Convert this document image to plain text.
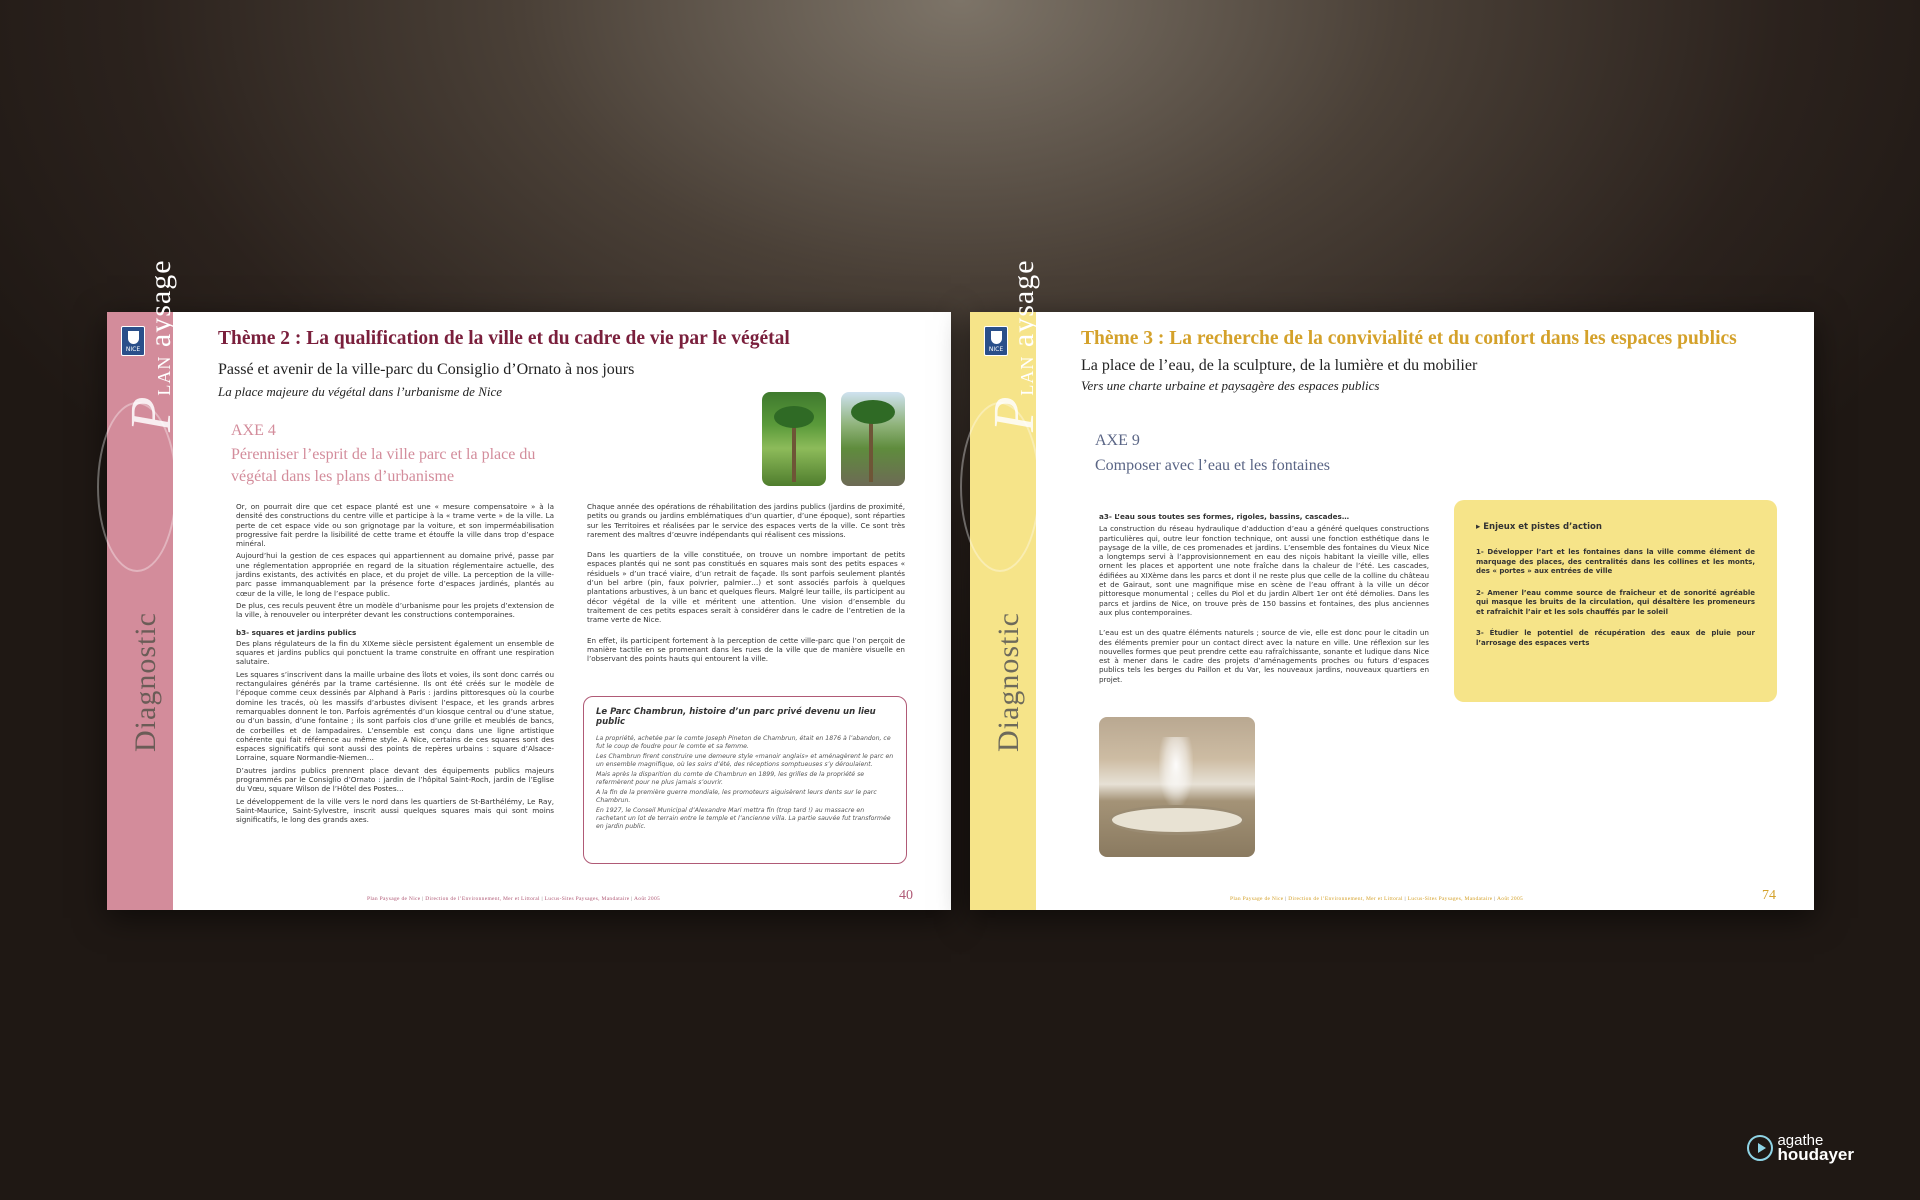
NICE
PLAN aysage
Diagnostic
Thème 2 : La qualification de la ville et du cadre de vie par le végétal
Passé et avenir de la ville-parc du Consiglio d’Ornato à nos jours
La place majeure du végétal dans l’urbanisme de Nice
AXE 4
Pérenniser l’esprit de la ville parc et la place du végétal dans les plans d’urbanisme

Or, on pourrait dire que cet espace planté est une « mesure compensatoire » à la densité des constructions du centre ville et participe à la « trame verte » de la ville. La perte de cet espace vide ou son grignotage par la voiture, et son imperméabilisation progressive fait perdre la lisibilité de cette trame et étouffe la ville dans trop d’espace minéral.

Aujourd’hui la gestion de ces espaces qui appartiennent au domaine privé, passe par une réglementation appropriée en regard de la situation réglementaire actuelle, des jardins existants, des activités en place, et du projet de ville. La perception de la ville-parc passe immanquablement par la présence forte d’espaces jardinés, plantés au cœur de la ville, le long de l’espace public.

De plus, ces reculs peuvent être un modèle d’urbanisme pour les projets d’extension de la ville, à renouveler ou interpréter devant les constructions contemporaines.

b3- squares et jardins publics

Des plans régulateurs de la fin du XIXeme siècle persistent également un ensemble de squares et jardins publics qui ponctuent la trame construite en offrant une respiration salutaire.

Les squares s’inscrivent dans la maille urbaine des îlots et voies, ils sont donc carrés ou rectangulaires générés par la trame cartésienne. Ils ont été créés sur le modèle de l’époque comme ceux dessinés par Alphand à Paris : jardins pittoresques où la courbe domine les tracés, où les massifs d’arbustes divisent l’espace, et les grands arbres remarquables donnent le ton. Parfois agrémentés d’un kiosque central ou d’une statue, ou d’un bassin, d’une fontaine ; ils sont parfois clos d’une grille et meublés de bancs, de corbeilles et de lampadaires. L’ensemble est conçu dans une ligne artistique cohérente qui fait référence au même style. A Nice, certains de ces squares sont des espaces significatifs qui sont aussi des points de repères urbains : square d’Alsace-Lorraine, square Normandie-Niemen…

D’autres jardins publics prennent place devant des équipements publics majeurs programmés par le Consiglio d’Ornato : jardin de l’hôpital Saint-Roch, jardin de l’Eglise du Vœu, square Wilson de l’Hôtel des Postes…

Le développement de la ville vers le nord dans les quartiers de St-Barthélémy, Le Ray, Saint-Maurice, Saint-Sylvestre, inscrit aussi quelques squares mais qui sont moins significatifs, le long des grands axes.

Chaque année des opérations de réhabilitation des jardins publics (jardins de proximité, petits ou grands ou jardins emblématiques d’un quartier, d’une époque), sont réparties sur les Territoires et réalisées par le service des espaces verts de la ville. Ce sont très rarement des maîtres d’œuvre indépendants qui réalisent ces missions.

Dans les quartiers de la ville constituée, on trouve un nombre important de petits espaces plantés qui ne sont pas constitués en squares mais sont des petits espaces « résiduels » d’un tracé viaire, d’un retrait de façade. Ils sont parfois seulement plantés d’un bel arbre (pin, faux poivrier, palmier…) et sont associés parfois à quelques plantations arbustives, à un banc et quelques fleurs. Malgré leur taille, ils participent au décor végétal de la ville et méritent une attention. Une vision d’ensemble du traitement de ces petits espaces serait à considérer dans le cadre de l’entretien de la trame verte de Nice.

En effet, ils participent fortement à la perception de cette ville-parc que l’on perçoit de manière tactile en se promenant dans les rues de la ville que de manière visuelle en l’observant des points hauts qui entourent la ville.

Le Parc Chambrun, histoire d’un parc privé devenu un lieu public

La propriété, achetée par le comte Joseph Pineton de Chambrun, était en 1876 à l’abandon, ce fut le coup de foudre pour le comte et sa femme.

Les Chambrun firent construire une demeure style «manoir anglais» et aménagèrent le parc en un ensemble magnifique, où les soirs d’été, des réceptions somptueuses s’y déroulaient.

Mais après la disparition du comte de Chambrun en 1899, les grilles de la propriété se refermèrent pour ne plus jamais s’ouvrir.

A la fin de la première guerre mondiale, les promoteurs aiguisèrent leurs dents sur le parc Chambrun.

En 1927, le Conseil Municipal d’Alexandre Mari mettra fin (trop tard !) au massacre en rachetant un lot de terrain entre le temple et l’ancienne villa. La partie sauvée fut transformée en jardin public.

Plan Paysage de Nice | Direction de l’Environnement, Mer et Littoral | Lucus-Sites Paysages, Mandataire | Août 2005	40
NICE
PLAN aysage
Diagnostic
Thème 3 : La recherche de la convivialité et du confort dans les espaces publics
La place de l’eau, de la sculpture, de la lumière et du mobilier
Vers une charte urbaine et paysagère des espaces publics
AXE 9
Composer avec l’eau et les fontaines

a3- L’eau sous toutes ses formes, rigoles, bassins, cascades…

La construction du réseau hydraulique d’adduction d’eau a généré quelques constructions particulières qui, outre leur fonction technique, ont aussi une fonction esthétique dans le paysage de la ville, de ces promenades et jardins. L’ensemble des fontaines du Vieux Nice a longtemps servi à l’approvisionnement en eau des niçois habitant la vieille ville, elles ornent les places et apportent une note fraîche dans la chaleur de l’été. Les cascades, édifiées au XIXème dans les parcs et dont il ne reste plus que celle de la colline du château et de Gairaut, sont une magnifique mise en scène de l’eau offrant à la ville un décor pittoresque monumental ; celles du Piol et du jardin Albert 1er ont été démolies. Dans les parcs et jardins de Nice, on trouve près de 150 bassins et fontaines, des plus anciennes aux plus contemporaines.

L’eau est un des quatre éléments naturels ; source de vie, elle est donc pour le citadin un des éléments premier pour un contact direct avec la nature en ville. Une réflexion sur les nouvelles formes que peut prendre cette eau rafraîchissante, sonante et ludique dans Nice est à mener dans le cadre des projets d’aménagements proches ou futurs d’espaces publics tels les berges du Paillon et du Var, les nouveaux jardins, nouveaux quartiers en projet.

▸ Enjeux et pistes d’action
1- Développer l’art et les fontaines dans la ville comme élément de marquage des places, des centralités dans les collines et les monts, des « portes » aux entrées de ville
2- Amener l’eau comme source de fraîcheur et de sonorité agréable qui masque les bruits de la circulation, qui désaltère les promeneurs et rafraîchit l’air et les sols chauffés par le soleil
3- Étudier le potentiel de récupération des eaux de pluie pour l’arrosage des espaces verts
Plan Paysage de Nice | Direction de l’Environnement, Mer et Littoral | Lucus-Sites Paysages, Mandataire | Août 2005	74
agathe
houdayer
